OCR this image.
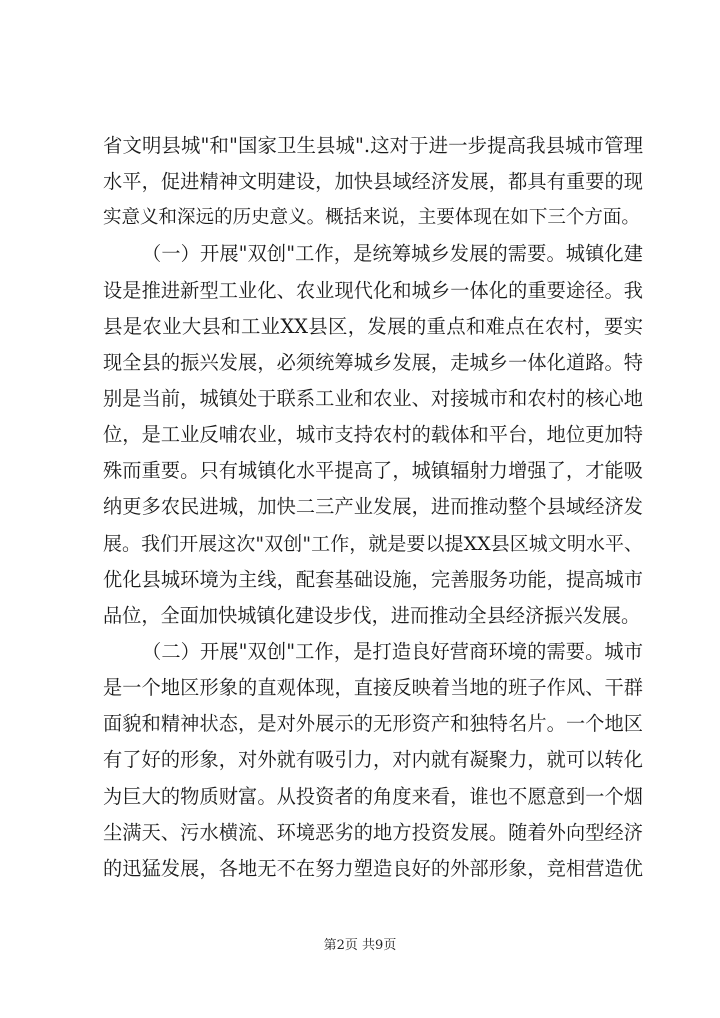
省文明县城"和"国家卫生县城".这对于进一步提高我县城市管理
水平，促进精神文明建设，加快县域经济发展，都具有重要的现
实意义和深远的历史意义。概括来说，主要体现在如下三个方面。
（一）开展"双创"工作，是统筹城乡发展的需要。城镇化建
设是推进新型工业化、农业现代化和城乡一体化的重要途径。我
县是农业大县和工业XX县区，发展的重点和难点在农村，要实
现全县的振兴发展，必须统筹城乡发展，走城乡一体化道路。特
别是当前，城镇处于联系工业和农业、对接城市和农村的核心地
位，是工业反哺农业，城市支持农村的载体和平台，地位更加特
殊而重要。只有城镇化水平提高了，城镇辐射力增强了，才能吸
纳更多农民进城，加快二三产业发展，进而推动整个县域经济发
展。我们开展这次"双创"工作，就是要以提XX县区城文明水平、
优化县城环境为主线，配套基础设施，完善服务功能，提高城市
品位，全面加快城镇化建设步伐，进而推动全县经济振兴发展。
（二）开展"双创"工作，是打造良好营商环境的需要。城市
是一个地区形象的直观体现，直接反映着当地的班子作风、干群
面貌和精神状态，是对外展示的无形资产和独特名片。一个地区
有了好的形象，对外就有吸引力，对内就有凝聚力，就可以转化
为巨大的物质财富。从投资者的角度来看，谁也不愿意到一个烟
尘满天、污水横流、环境恶劣的地方投资发展。随着外向型经济
的迅猛发展，各地无不在努力塑造良好的外部形象，竞相营造优
第2页 共9页
